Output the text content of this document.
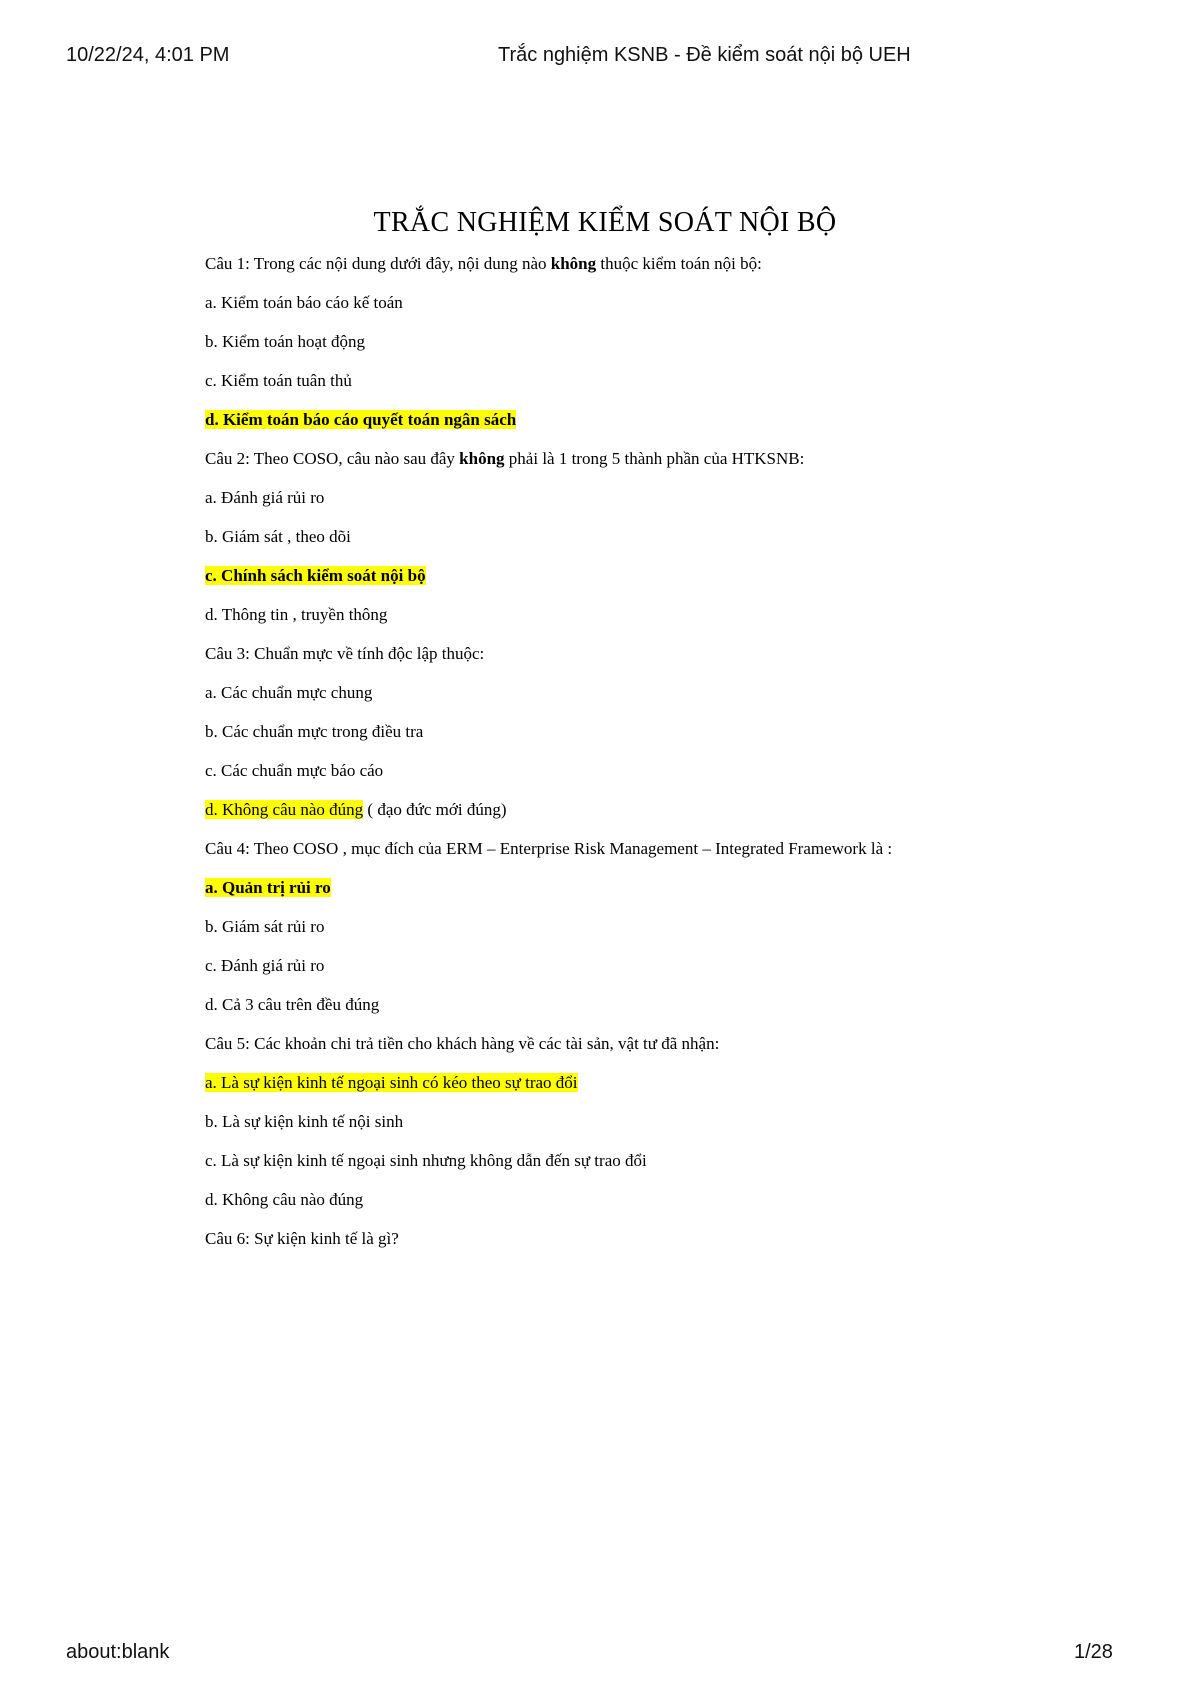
10/22/24, 4:01 PM	Trắc nghiệm KSNB - Đề kiểm soát nội bộ UEH
TRẮC NGHIỆM KIỂM SOÁT NỘI BỘ
Câu 1: Trong các nội dung dưới đây, nội dung nào không thuộc kiểm toán nội bộ:
a. Kiểm toán báo cáo kế toán
b. Kiểm toán hoạt động
c. Kiểm toán tuân thủ
d. Kiểm toán báo cáo quyết toán ngân sách
Câu 2: Theo COSO, câu nào sau đây không phải là 1 trong 5 thành phần của HTKSNB:
a. Đánh giá rủi ro
b. Giám sát , theo dõi
c. Chính sách kiểm soát nội bộ
d. Thông tin , truyền thông
Câu 3: Chuẩn mực về tính độc lập thuộc:
a. Các chuẩn mực chung
b. Các chuẩn mực trong điều tra
c. Các chuẩn mực báo cáo
d. Không câu nào đúng ( đạo đức mới đúng)
Câu 4: Theo COSO , mục đích của ERM – Enterprise Risk Management – Integrated Framework là :
a. Quản trị rủi ro
b. Giám sát rủi ro
c. Đánh giá rủi ro
d. Cả 3 câu trên đều đúng
Câu 5: Các khoản chi trả tiền cho khách hàng về các tài sản, vật tư đã nhận:
a. Là sự kiện kinh tế ngoại sinh có kéo theo sự trao đổi
b. Là sự kiện kinh tế nội sinh
c. Là sự kiện kinh tế ngoại sinh nhưng không dẫn đến sự trao đổi
d. Không câu nào đúng
Câu 6: Sự kiện kinh tế là gì?
about:blank	1/28
